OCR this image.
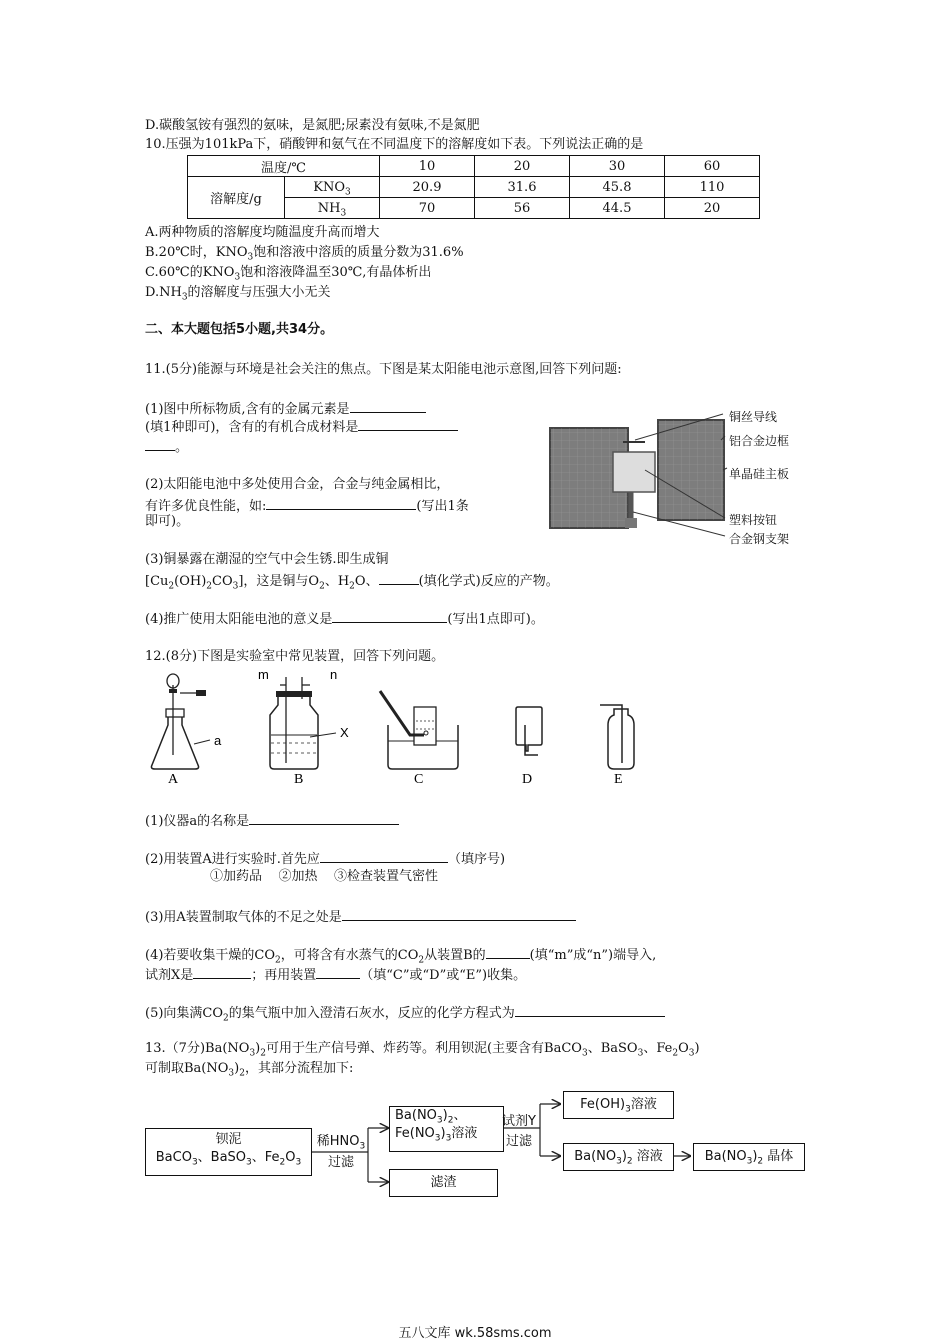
D.碳酸氢铵有强烈的氨味，是氮肥;尿素没有氨味,不是氮肥
10.压强为101kPa下，硝酸钾和氨气在不同温度下的溶解度如下表。下列说法正确的是
温度/℃		10	20	30	60
溶解度/g	$KNO_3$	20.9	31.6	45.8	110
	$NH_3$	70	56	44.5	20
A.两种物质的溶解度均随温度升高而增大
B.20℃时，$KNO_3$饱和溶液中溶质的质量分数为31.6%
C.60℃的$KNO_3$饱和溶液降温至30℃,有晶体析出
$D.NH_3$的溶解度与压强大小无关
二、本大题包括5小题,共34分。
11.(5分)能源与环境是社会关注的焦点。下图是某太阳能电池示意图,回答下列问题:
(1)图中所标物质,含有的金属元素是
(填1种即可)，含有的有机合成材料是
。
(2)太阳能电池中多处使用合金，合金与纯金属相比，
有许多优良性能，如:	(写出1条
即可)。
(3)铜暴露在潮湿的空气中会生锈.即生成铜
$[Cu_2(OH)_2CO_3]$，这是铜与$O_2$、$H_2O$、	(填化学式)反应的产物。
(4)推广使用太阳能电池的意义是	(写出1点即可)。
铜丝导线
铝合金边框
单晶硅主板
塑料按钮
合金钢支架
12.(8分)下图是实验室中常见装置，回答下列问题。
a
A
m	n
X
B	C	D	E
(1)仪器a的名称是
(2)用装置A进行实验时.首先应	（填序号)
①加药品    ②加热    ③检查装置气密性
(3)用A装置制取气体的不足之处是
(4)若要收集干燥的$CO_2$，可将含有水蒸气的$CO_2$从装置B的	(填“m”成“n”)端导入,
试剂X是	；再用装置	（填“C”或“D”或“E”)收集。
(5)向集满$CO_2$的集气瓶中加入澄清石灰水，反应的化学方程式为
13.（7分)$Ba(NO_3)_2$可用于生产信号弹、炸药等。利用钡泥(主要含有BaCO$_3$、BaSO$_3$、$Fe_2O_3$)
可制取$Ba(NO_3)_2$，其部分流程加下:
钡泥
BaCO$_3$、BaSO$_3$、$Fe_2O_3$
稀$HNO_3$
过滤
$Ba(NO_3)_2$、
$Fe(NO_3)_3$溶液
滤渣
试剂Y
过滤
$Fe(OH)_3$溶液
$Ba(NO_3)_2$ 溶液	$Ba(NO_3)_2$ 晶体
五八文库 wk.58sms.com
